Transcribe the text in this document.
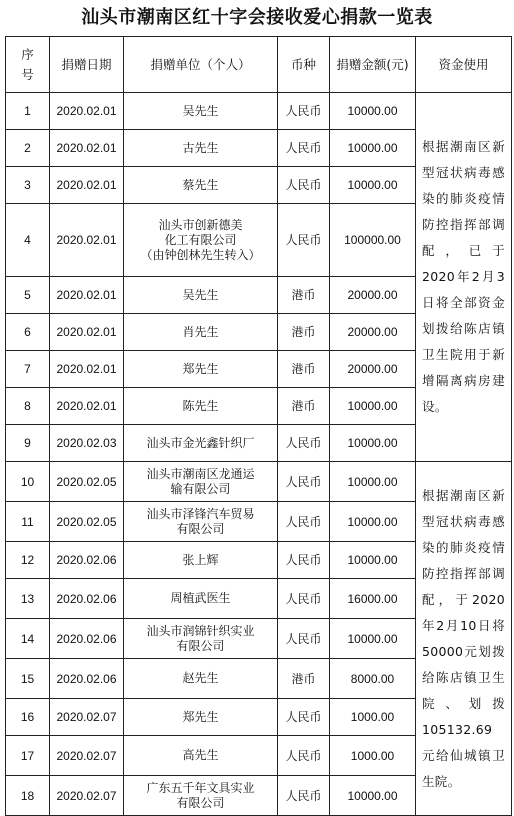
汕头市潮南区红十字会接收爱心捐款一览表
序号	捐赠日期	捐赠单位（个人）	币种	捐赠金额(元)	资金使用
1	2020.02.01	吴先生	人民币	10000.00	根据潮南区新型冠状病毒感染的肺炎疫情防控指挥部调配，已于2020年2月3日将全部资金划拨给陈店镇卫生院用于新增隔离病房建设。
2	2020.02.01	古先生	人民币	10000.00	
3	2020.02.01	蔡先生	人民币	10000.00	
4	2020.02.01	汕头市创新德美
化工有限公司
（由钟创林先生转入）	人民币	100000.00	
5	2020.02.01	吴先生	港币	20000.00	
6	2020.02.01	肖先生	港币	20000.00	
7	2020.02.01	郑先生	港币	20000.00	
8	2020.02.01	陈先生	港币	10000.00	
9	2020.02.03	汕头市金光鑫针织厂	人民币	10000.00	
10	2020.02.05	汕头市潮南区龙通运
输有限公司	人民币	10000.00	根据潮南区新型冠状病毒感染的肺炎疫情防控指挥部调配，于2020年2月10日将50000元划拨给陈店镇卫生院、划拨105132.69元给仙城镇卫生院。
11	2020.02.05	汕头市泽锋汽车贸易
有限公司	人民币	10000.00	
12	2020.02.06	张上辉	人民币	10000.00	
13	2020.02.06	周植武医生	人民币	16000.00	
14	2020.02.06	汕头市润锦针织实业
有限公司	人民币	10000.00	
15	2020.02.06	赵先生	港币	8000.00	
16	2020.02.07	郑先生	人民币	1000.00	
17	2020.02.07	高先生	人民币	1000.00	
18	2020.02.07	广东五千年文具实业
有限公司	人民币	10000.00	
